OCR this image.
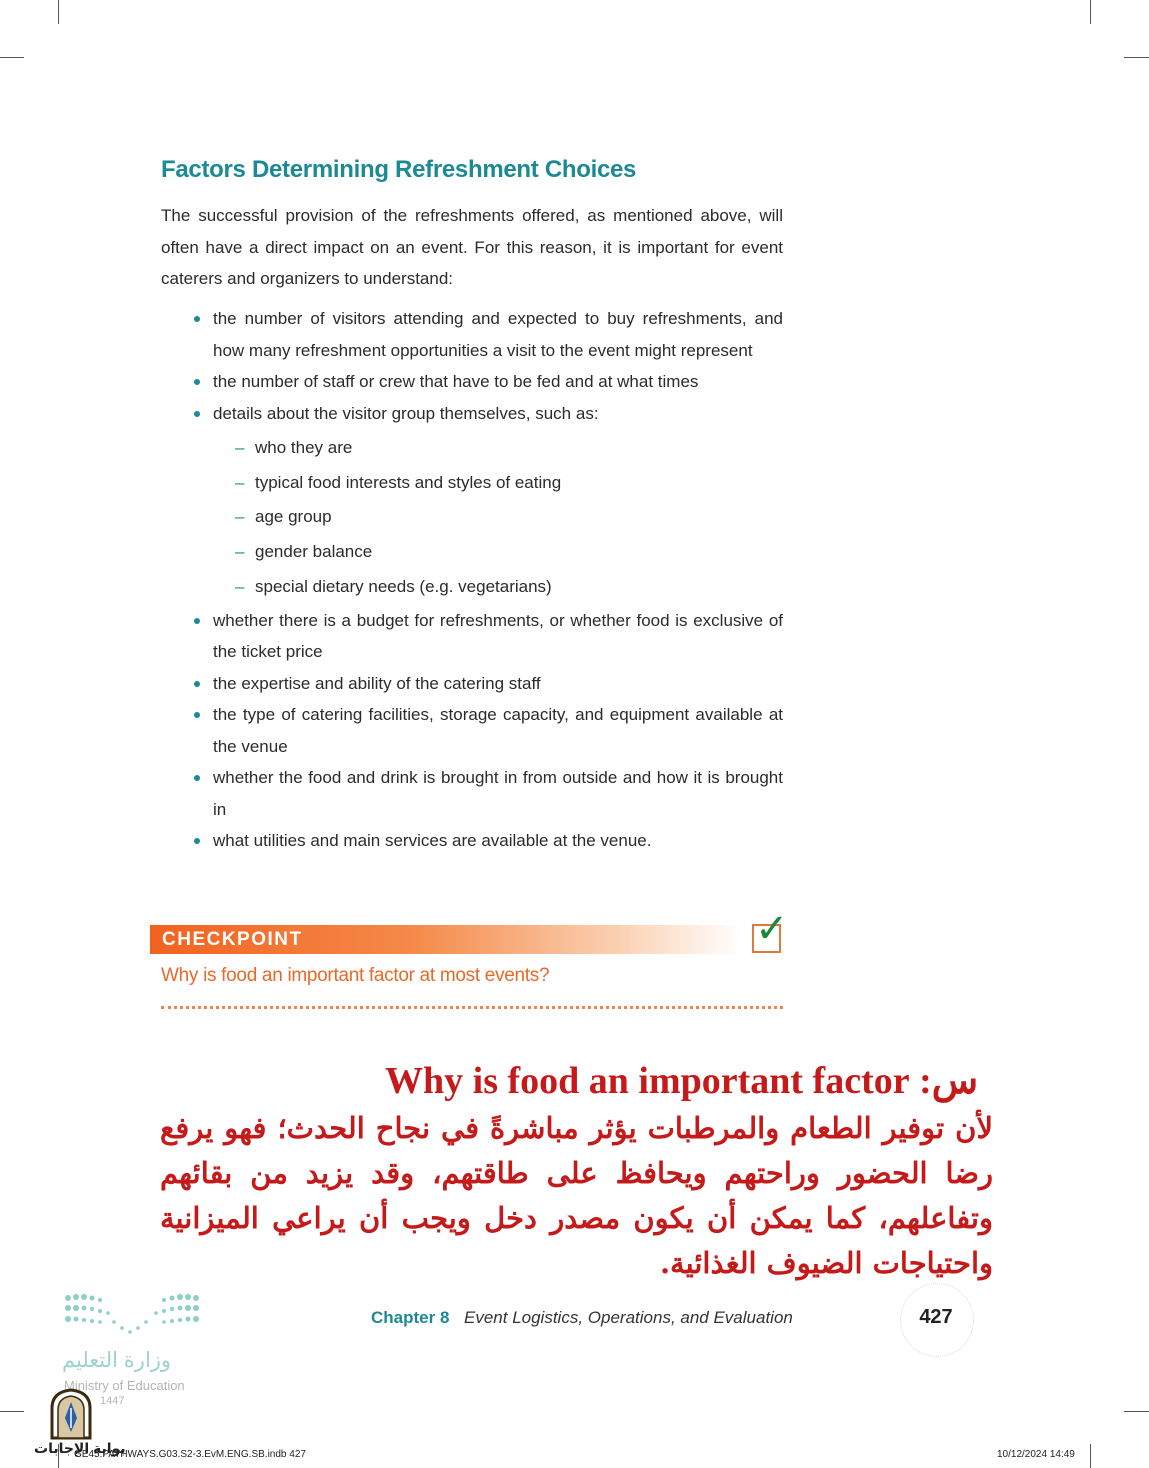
Factors Determining Refreshment Choices
The successful provision of the refreshments offered, as mentioned above, will often have a direct impact on an event. For this reason, it is important for event caterers and organizers to understand:
the number of visitors attending and expected to buy refreshments, and how many refreshment opportunities a visit to the event might represent
the number of staff or crew that have to be fed and at what times
details about the visitor group themselves, such as:
– who they are
– typical food interests and styles of eating
– age group
– gender balance
– special dietary needs (e.g. vegetarians)
whether there is a budget for refreshments, or whether food is exclusive of the ticket price
the expertise and ability of the catering staff
the type of catering facilities, storage capacity, and equipment available at the venue
whether the food and drink is brought in from outside and how it is brought in
what utilities and main services are available at the venue.
CHECKPOINT	✓
Why is food an important factor at most events?
س: Why is food an important factor
لأن توفير الطعام والمرطبات يؤثر مباشرةً في نجاح الحدث؛ فهو يرفع رضا الحضور وراحتهم ويحافظ على طاقتهم، وقد يزيد من بقائهم وتفاعلهم، كما يمكن أن يكون مصدر دخل ويجب أن يراعي الميزانية واحتياجات الضيوف الغذائية.
Chapter 8 Event Logistics, Operations, and Evaluation	427
وزارة التعليم
Ministry of Education
1447
بوابة الإجابات
GE45.PATHWAYS.G03.S2-3.EvM.ENG.SB.indb 427	10/12/2024 14:49
